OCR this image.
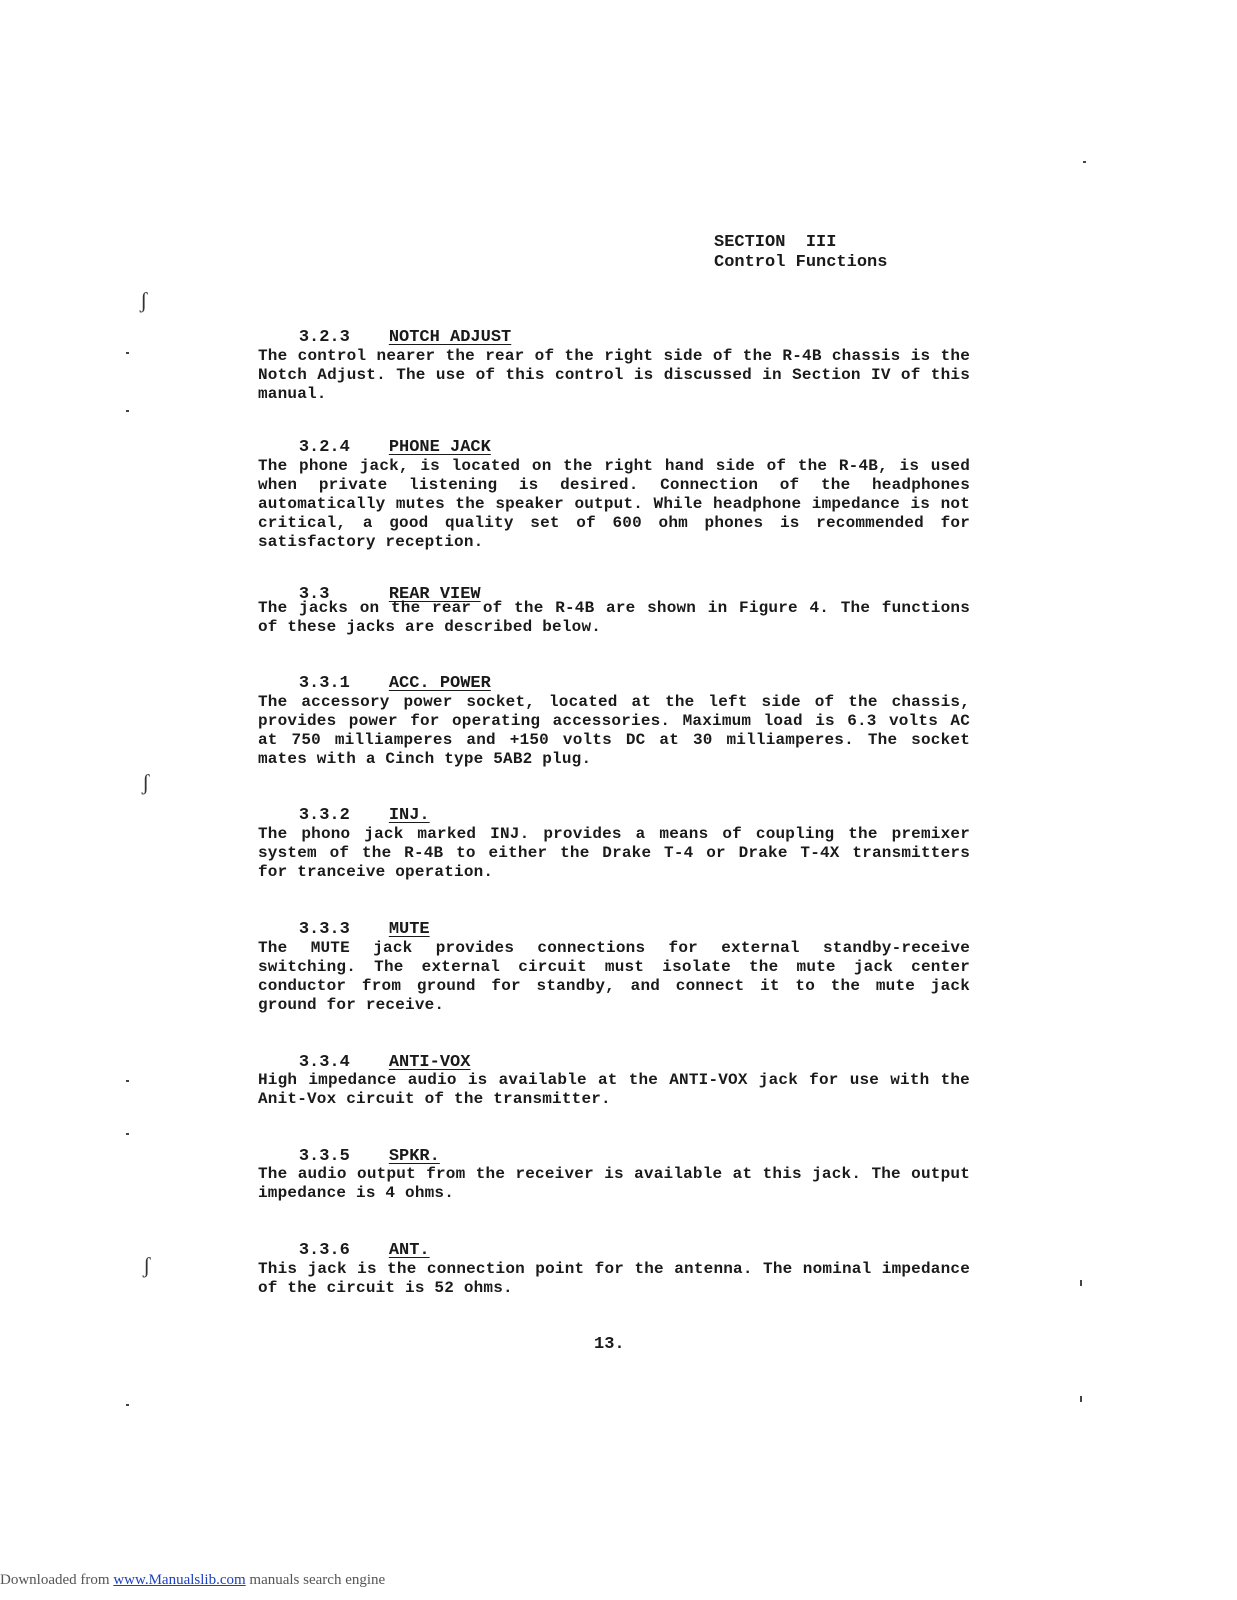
SECTION  III
Control Functions

3.2.3 NOTCH ADJUST

The control nearer the rear of the right side of the R-4B chassis is the Notch Adjust. The use of this control is discussed in Section IV of this manual.

3.2.4 PHONE JACK

The phone jack, is located on the right hand side of the R-4B, is used when private listening is desired. Connection of the headphones automatically mutes the speaker output. While headphone impedance is not critical, a good quality set of 600 ohm phones is recommended for satisfactory reception.

3.3	REAR VIEW

The jacks on the rear of the R-4B are shown in Figure 4. The functions of these jacks are described below.

3.3.1 ACC. POWER

The accessory power socket, located at the left side of the chassis, provides power for operating accessories. Maximum load is 6.3 volts AC at 750 milliamperes and +150 volts DC at 30 milliamperes. The socket mates with a Cinch type 5AB2 plug.

3.3.2 INJ.

The phono jack marked INJ. provides a means of coupling the premixer system of the R-4B to either the Drake T-4 or Drake T-4X transmitters for tranceive operation.

3.3.3 MUTE

The MUTE jack provides connections for external standby-receive switching. The external circuit must isolate the mute jack center conductor from ground for standby, and connect it to the mute jack ground for receive.

3.3.4 ANTI-VOX

High impedance audio is available at the ANTI-VOX jack for use with the Anit-Vox circuit of the transmitter.

3.3.5 SPKR.

The audio output from the receiver is available at this jack. The output impedance is 4 ohms.

3.3.6 ANT.

This jack is the connection point for the antenna. The nominal impedance of the circuit is 52 ohms.
13.
ʃ
ʃ
ʃ
Downloaded from www.Manualslib.com manuals search engine
